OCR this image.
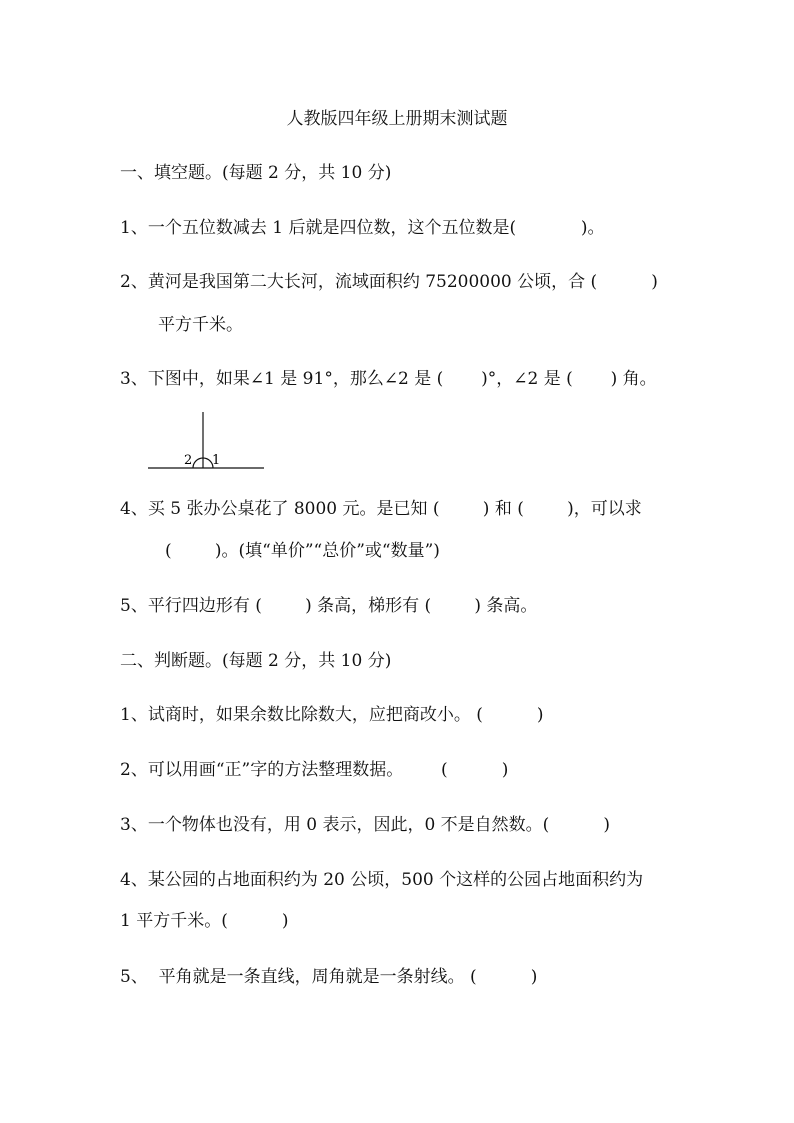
人教版四年级上册期末测试题
一、填空题。(每题 2 分，共 10 分)
1、一个五位数减去 1 后就是四位数，这个五位数是(            )。
2、黄河是我国第二大长河，流域面积约 75200000 公顷，合 (          )
平方千米。
3、下图中，如果∠1 是 91°，那么∠2 是 (       )°，∠2 是 (       ) 角。
2 1
4、买 5 张办公桌花了 8000 元。是已知 (        ) 和 (        )，可以求
(        )。(填“单价”“总价”或“数量”)
5、平行四边形有 (        ) 条高，梯形有 (        ) 条高。
二、判断题。(每题 2 分，共 10 分)
1、试商时，如果余数比除数大，应把商改小。 (          )
2、可以用画“正”字的方法整理数据。       (          )
3、一个物体也没有，用 0 表示，因此，0 不是自然数。(          )
4、某公园的占地面积约为 20 公顷，500 个这样的公园占地面积约为
1 平方千米。(          )
5、  平角就是一条直线，周角就是一条射线。 (          )
